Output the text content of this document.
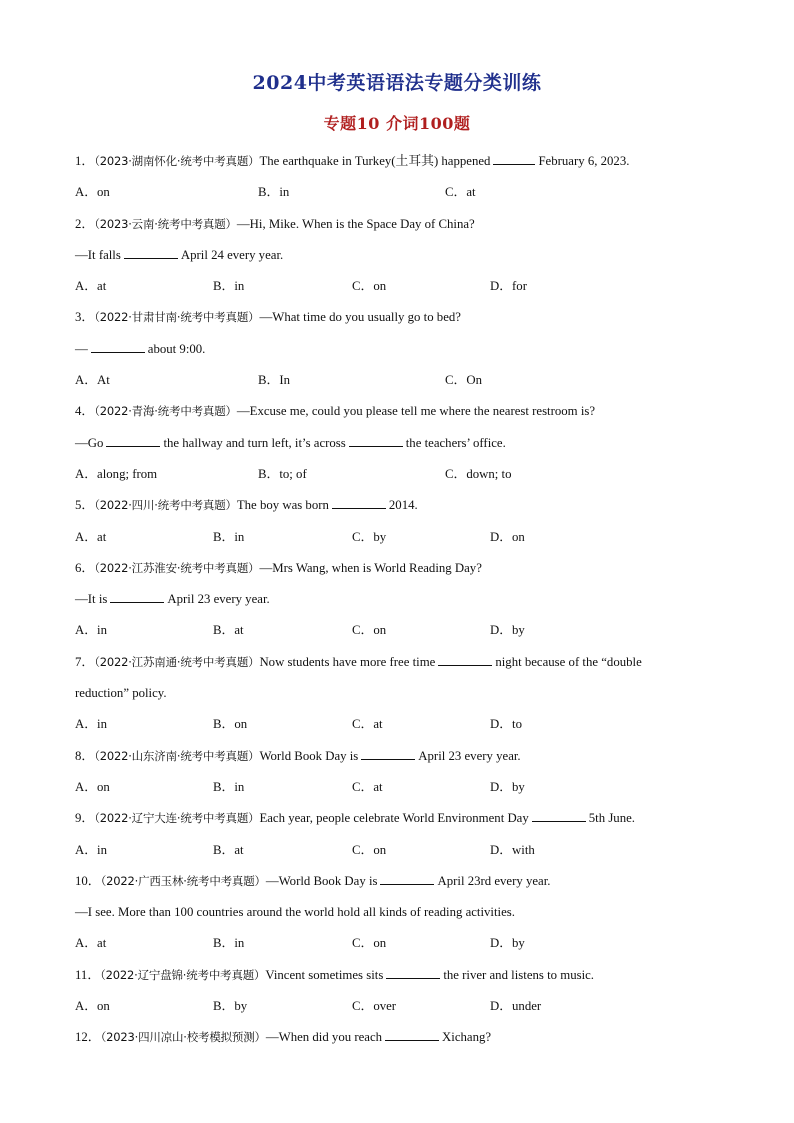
2024中考英语语法专题分类训练
专题10 介词100题
1．（2023·湖南怀化·统考中考真题）The earthquake in Turkey(土耳其) happened	February 6, 2023.
A．on	B．in	C．at
2．（2023·云南·统考中考真题）—Hi, Mike. When is the Space Day of China?
—It falls	April 24 every year.
A．at	B．in	C．on	D．for
3．（2022·甘肃甘南·统考中考真题）—What time do you usually go to bed?
—	about 9:00.
A．At	B．In	C．On
4．（2022·青海·统考中考真题）—Excuse me, could you please tell me where the nearest restroom is?
—Go	the hallway and turn left, it’s across	the teachers’ office.
A．along; from	B．to; of	C．down; to
5．（2022·四川·统考中考真题）The boy was born	2014.
A．at	B．in	C．by	D．on
6．（2022·江苏淮安·统考中考真题）—Mrs Wang, when is World Reading Day?
—It is	April 23 every year.
A．in	B．at	C．on	D．by
7．（2022·江苏南通·统考中考真题）Now students have more free time	night because of the “double
reduction” policy.
A．in	B．on	C．at	D．to
8．（2022·山东济南·统考中考真题）World Book Day is	April 23 every year.
A．on	B．in	C．at	D．by
9．（2022·辽宁大连·统考中考真题）Each year, people celebrate World Environment Day	5th June.
A．in	B．at	C．on	D．with
10．（2022·广西玉林·统考中考真题）—World Book Day is	April 23rd every year.
—I see. More than 100 countries around the world hold all kinds of reading activities.
A．at	B．in	C．on	D．by
11．（2022·辽宁盘锦·统考中考真题）Vincent sometimes sits	the river and listens to music.
A．on	B．by	C．over	D．under
12．（2023·四川凉山·校考模拟预测）—When did you reach	Xichang?
